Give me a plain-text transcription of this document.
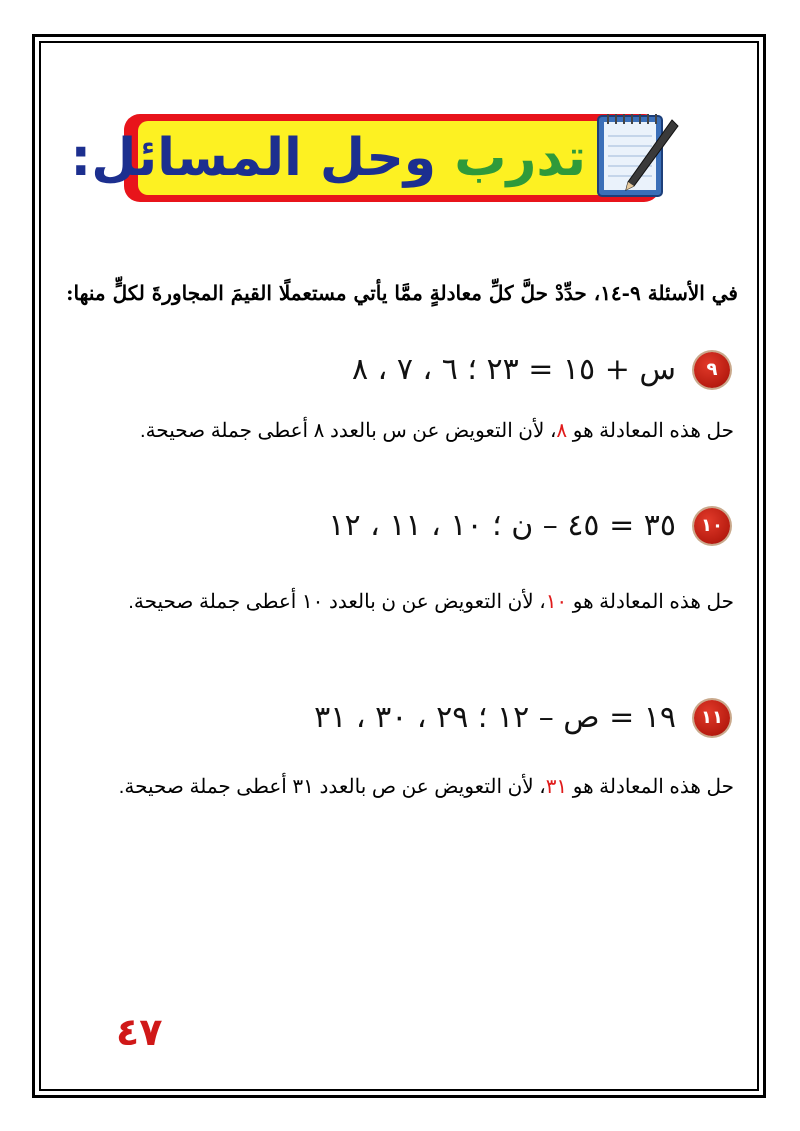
تدرب وحل المسائل:
في الأسئلة ٩-١٤، حدِّدْ حلَّ كلِّ معادلةٍ ممَّا يأتي مستعملًا القيمَ المجاورةَ لكلٍّ منها:
٩
س + ١٥ = ٢٣ ؛ ٦ ، ٧ ، ٨
حل هذه المعادلة هو ٨، لأن التعويض عن س بالعدد ٨ أعطى جملة صحيحة.
١٠
٣٥ = ٤٥ – ن ؛ ١٠ ، ١١ ، ١٢
حل هذه المعادلة هو ١٠، لأن التعويض عن ن بالعدد ١٠ أعطى جملة صحيحة.
١١
١٩ = ص – ١٢ ؛ ٢٩ ، ٣٠ ، ٣١
حل هذه المعادلة هو ٣١، لأن التعويض عن ص بالعدد ٣١ أعطى جملة صحيحة.
٤٧
